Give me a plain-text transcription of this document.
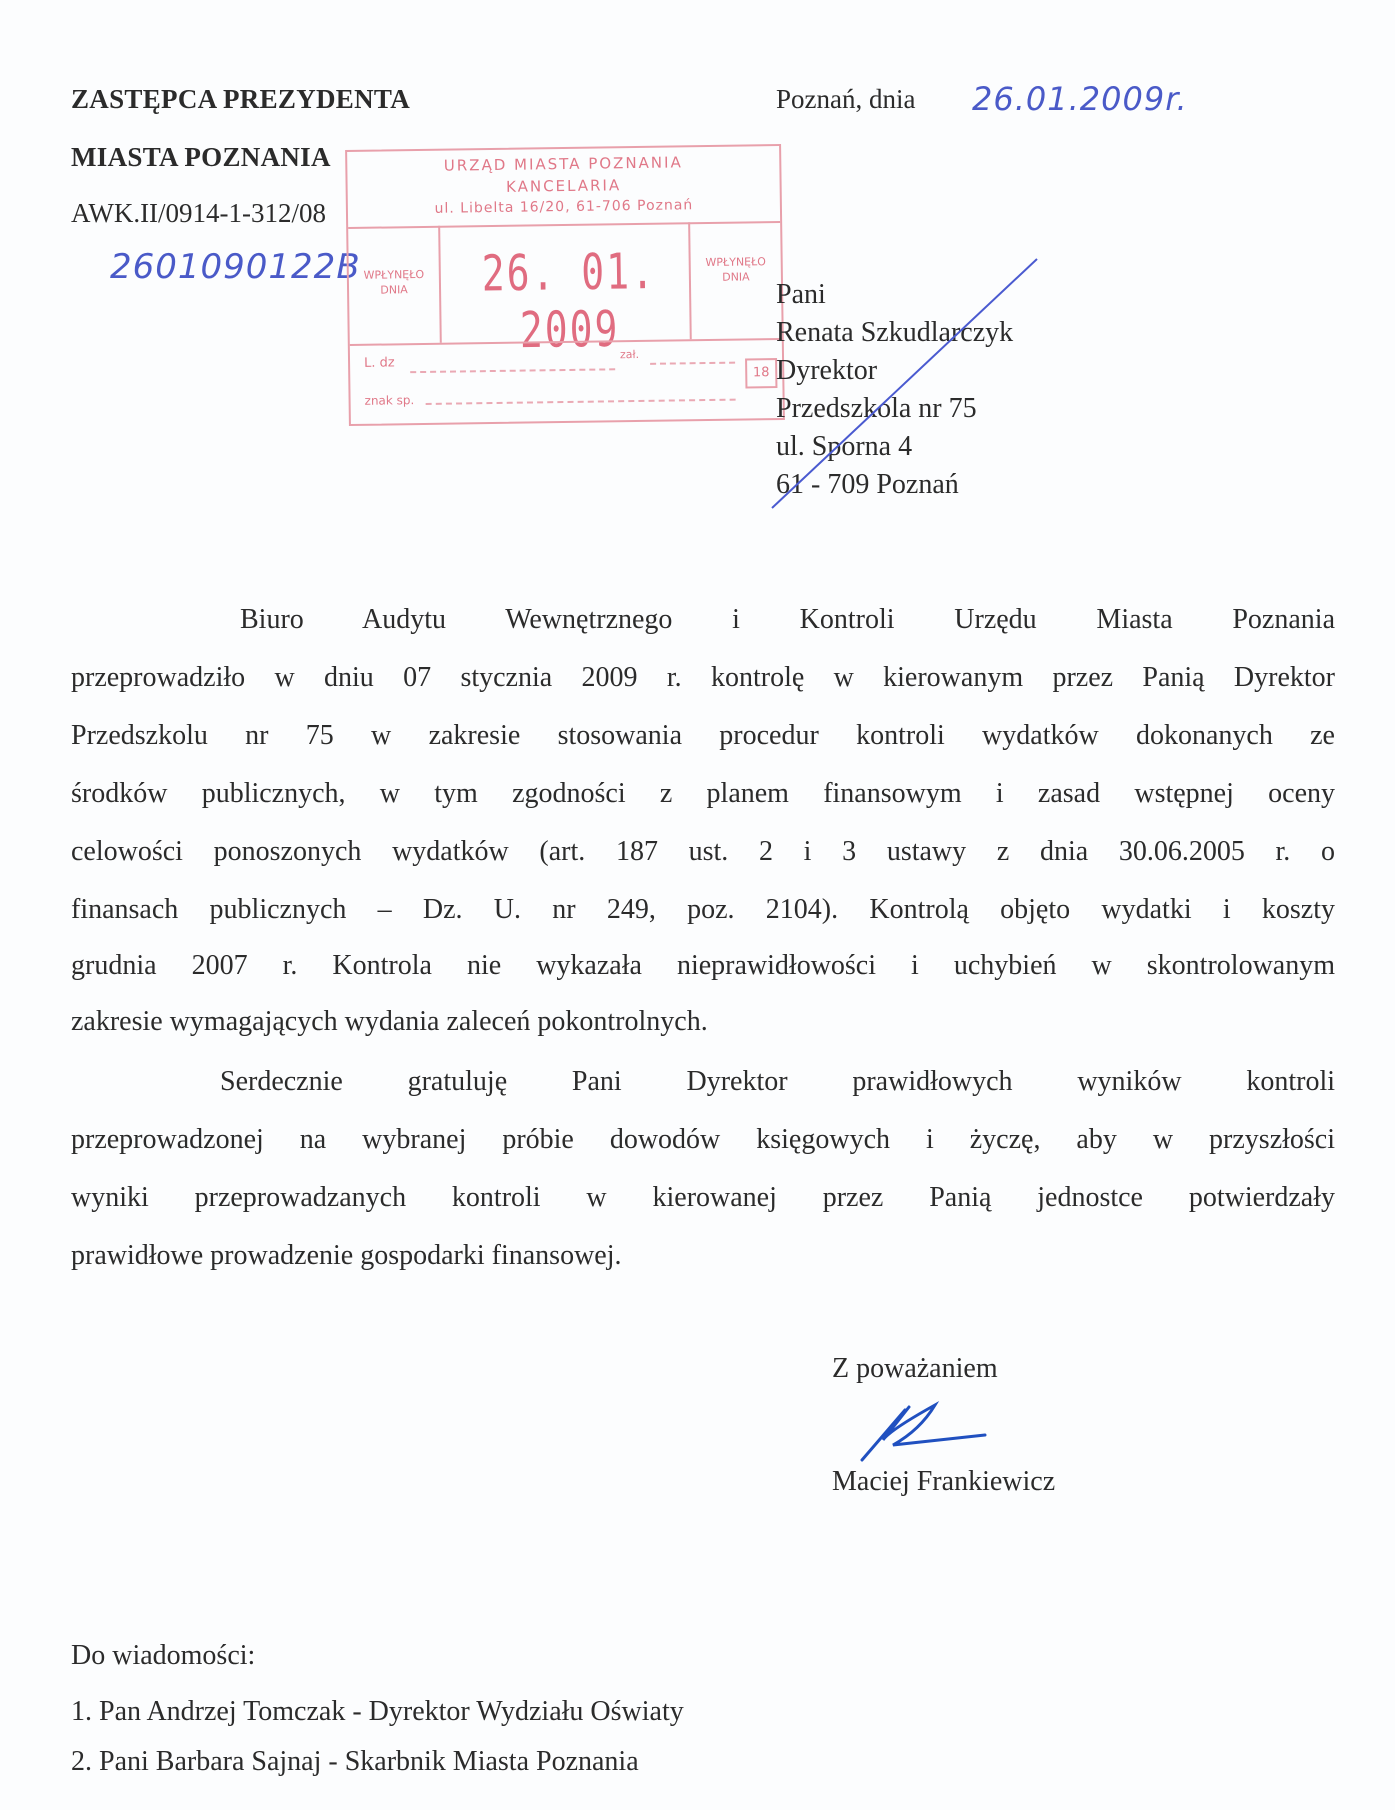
ZASTĘPCA PREZYDENTA
MIASTA POZNANIA
AWK.II/0914-1-312/08
2601090122B
Poznań, dnia 26.01.2009r.
URZĄD MIASTA POZNANIA
KANCELARIA
ul. Libelta 16/20, 61-706 Poznań
WPŁYNĘŁO
DNIA	26. 01. 2009
WPŁYNĘŁO
DNIA
L. dz
zał.
znak sp.
18
Pani
Renata Szkudlarczyk
Dyrektor
Przedszkola nr 75
ul. Sporna 4
61 - 709 Poznań
Biuro Audytu Wewnętrznego i Kontroli Urzędu Miasta Poznania
przeprowadziło w dniu 07 stycznia 2009 r. kontrolę w kierowanym przez Panią Dyrektor
Przedszkolu nr 75 w zakresie stosowania procedur kontroli wydatków dokonanych ze
środków publicznych, w tym zgodności z planem finansowym i zasad wstępnej oceny
celowości ponoszonych wydatków (art. 187 ust. 2 i 3 ustawy z dnia 30.06.2005 r. o
finansach publicznych – Dz. U. nr 249, poz. 2104). Kontrolą objęto wydatki i koszty
grudnia 2007 r. Kontrola nie wykazała nieprawidłowości i uchybień w skontrolowanym
zakresie wymagających wydania zaleceń pokontrolnych.
Serdecznie gratuluję Pani Dyrektor prawidłowych wyników kontroli
przeprowadzonej na wybranej próbie dowodów księgowych i życzę, aby w przyszłości
wyniki przeprowadzanych kontroli w kierowanej przez Panią jednostce potwierdzały
prawidłowe prowadzenie gospodarki finansowej.
Z poważaniem
Maciej Frankiewicz
Do wiadomości:
1. Pan Andrzej Tomczak - Dyrektor Wydziału Oświaty
2. Pani Barbara Sajnaj - Skarbnik Miasta Poznania
